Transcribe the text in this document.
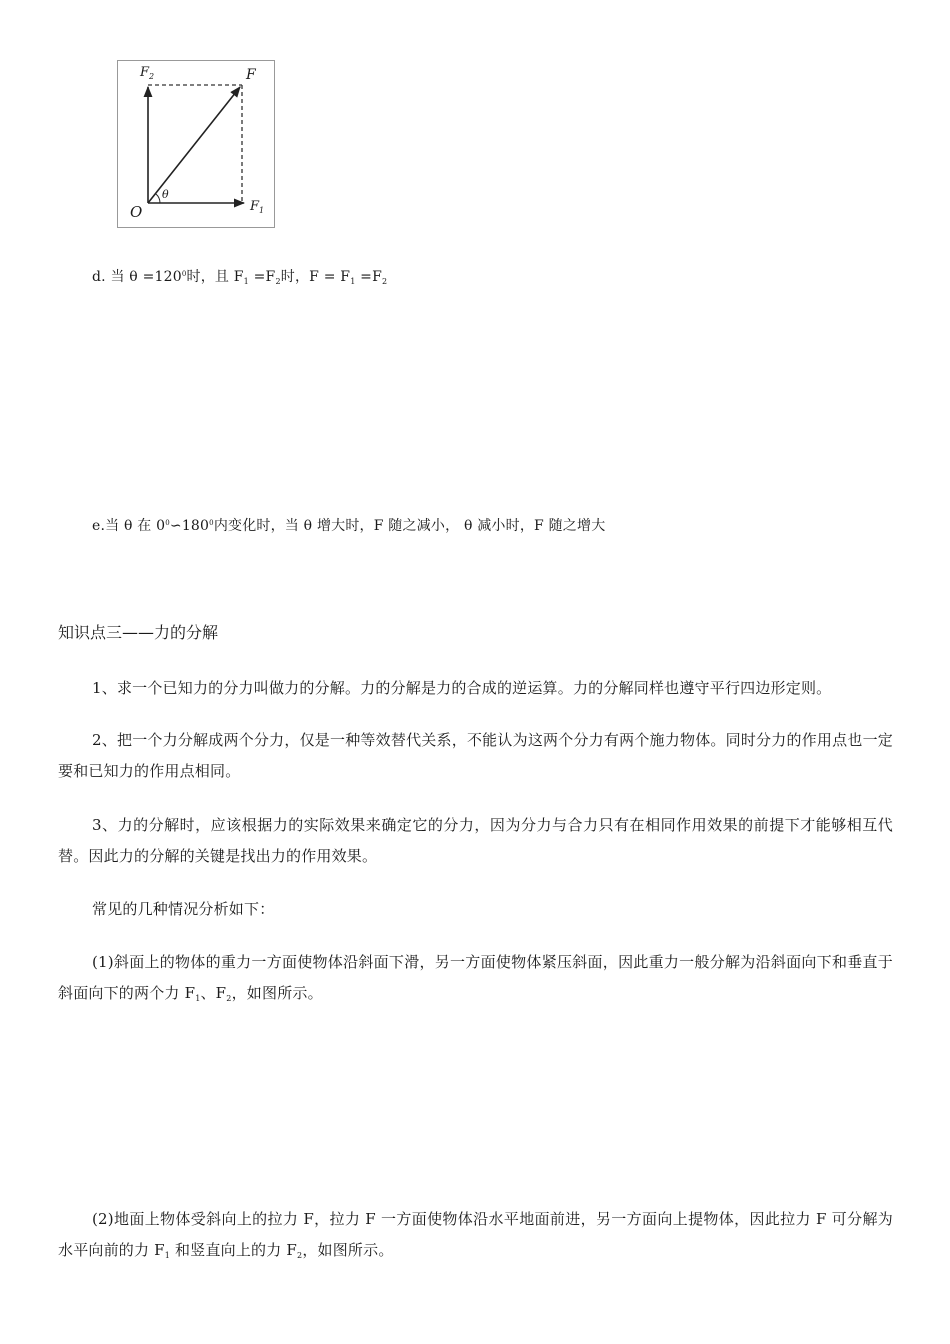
$F_2$	F
O
θ
$F_1$
d. 当 $\theta =120^0$时，且 $F_1 =F_2$时，$F = F_1 =F_2$
e.当 θ 在 $0^0∽180^0$内变化时，当 θ 增大时，F 随之减小， θ 减小时，F 随之增大
知识点三——力的分解
1、求一个已知力的分力叫做力的分解。力的分解是力的合成的逆运算。力的分解同样也遵守平行四边形定则。
2、把一个力分解成两个分力，仅是一种等效替代关系，不能认为这两个分力有两个施力物体。同时分力的作用点也一定要和已知力的作用点相同。
3、力的分解时，应该根据力的实际效果来确定它的分力，因为分力与合力只有在相同作用效果的前提下才能够相互代替。因此力的分解的关键是找出力的作用效果。
常见的几种情况分析如下：
(1)斜面上的物体的重力一方面使物体沿斜面下滑，另一方面使物体紧压斜面，因此重力一般分解为沿斜面向下和垂直于斜面向下的两个力 $F_1$、$F_2$，如图所示。
(2)地面上物体受斜向上的拉力 F，拉力 F 一方面使物体沿水平地面前进，另一方面向上提物体，因此拉力 F 可分解为水平向前的力 $F_1$ 和竖直向上的力 $F_2$，如图所示。
